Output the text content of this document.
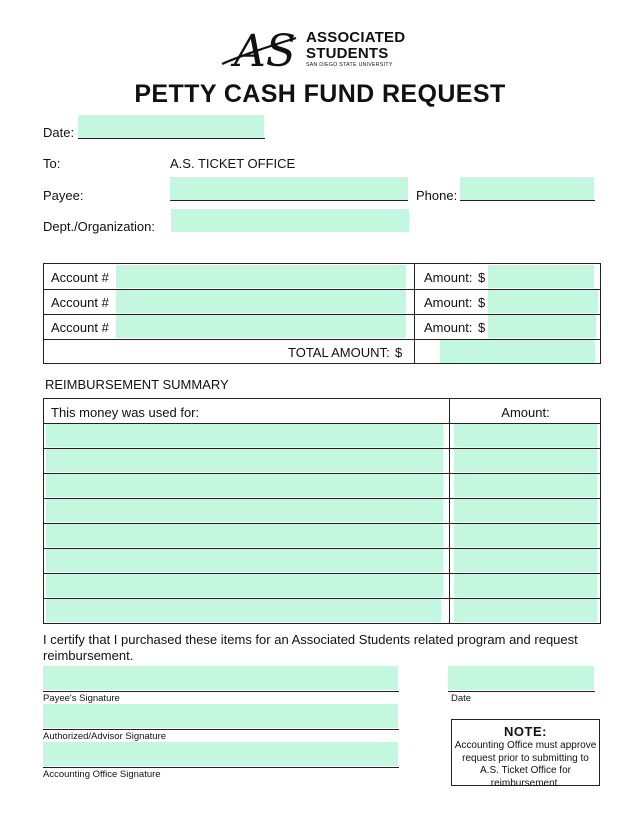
AS ASSOCIATED
STUDENTS
SAN DIEGO STATE UNIVERSITY
PETTY CASH FUND REQUEST
Date:
To:	A.S. TICKET OFFICE
Payee:	Phone:
Dept./Organization:
Account #	Amount: $
Account #	Amount: $
Account #	Amount: $
TOTAL AMOUNT: $
REIMBURSEMENT SUMMARY
This money was used for:	Amount:
I certify that I purchased these items for an Associated Students related program and request reimbursement.
Payee's Signature	Date
Authorized/Advisor Signature
Accounting Office Signature
NOTE:
Accounting Office must approve request prior to submitting to A.S. Ticket Office for reimbursement.
